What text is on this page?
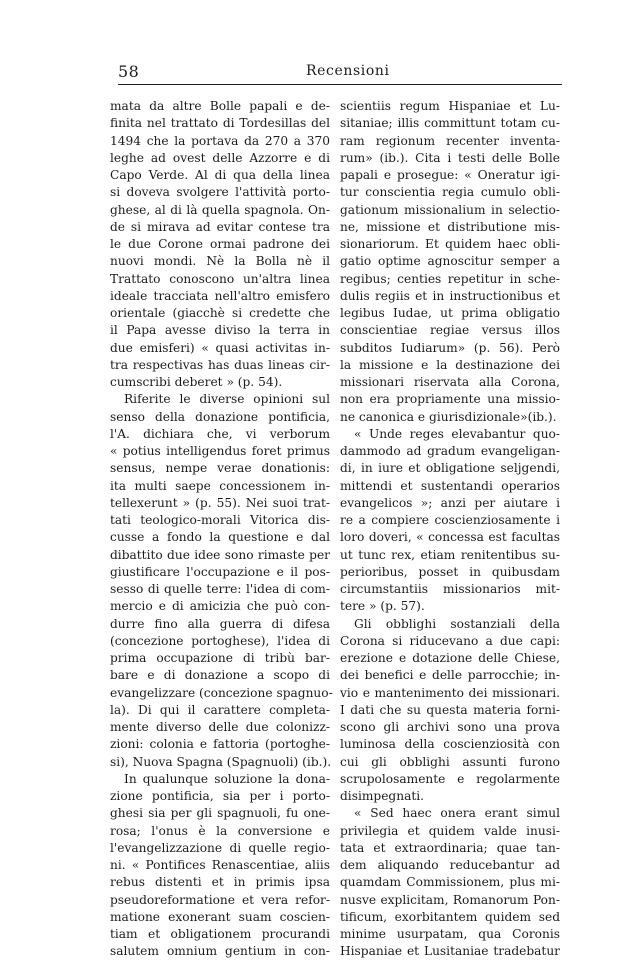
58	Recensioni
mata da altre Bolle papali e de-
finita nel trattato di Tordesillas del
1494 che la portava da 270 a 370
leghe ad ovest delle Azzorre e di
Capo Verde. Al di qua della linea
si doveva svolgere l'attività porto-
ghese, al di là quella spagnola. On-
de si mirava ad evitar contese tra
le due Corone ormai padrone dei
nuovi mondi. Nè la Bolla nè il
Trattato conoscono un'altra linea
ideale tracciata nell'altro emisfero
orientale (giacchè si credette che
il Papa avesse diviso la terra in
due emisferi) « quasi activitas in-
tra respectivas has duas lineas cir-
cumscribi deberet » (p. 54).
Riferite le diverse opinioni sul
senso della donazione pontificia,
l'A. dichiara che, vi verborum
« potius intelligendus foret primus
sensus, nempe verae donationis:
ita multi saepe concessionem in-
tellexerunt » (p. 55). Nei suoi trat-
tati teologico-morali Vitorica dis-
cusse a fondo la questione e dal
dibattito due idee sono rimaste per
giustificare l'occupazione e il pos-
sesso di quelle terre: l'idea di com-
mercio e di amicizia che può con-
durre fino alla guerra di difesa
(concezione portoghese), l'idea di
prima occupazione di tribù bar-
bare e di donazione a scopo di
evangelizzare (concezione spagnuo-
la). Di qui il carattere completa-
mente diverso delle due colonizz-
zioni: colonia e fattoria (portoghe-
si), Nuova Spagna (Spagnuoli) (ib.).
In qualunque soluzione la dona-
zione pontificia, sia per i porto-
ghesi sia per gli spagnuoli, fu one-
rosa; l'onus è la conversione e
l'evangelizzazione di quelle regio-
ni. « Pontifices Renascentiae, aliis
rebus distenti et in primis ipsa
pseudoreformatione et vera refor-
matione exonerant suam coscien-
tiam et obligationem procurandi
salutem omnium gentium in con-
scientiis regum Hispaniae et Lu-
sitaniae; illis committunt totam cu-
ram regionum recenter inventa-
rum» (ib.). Cita i testi delle Bolle
papali e prosegue: « Oneratur igi-
tur conscientia regia cumulo obli-
gationum missionalium in selectio-
ne, missione et distributione mis-
sionariorum. Et quidem haec obli-
gatio optime agnoscitur semper a
regibus; centies repetitur in sche-
dulis regiis et in instructionibus et
legibus Iudae, ut prima obligatio
conscientiae regiae versus illos
subditos Iudiarum» (p. 56). Però
la missione e la destinazione dei
missionari riservata alla Corona,
non era propriamente una missio-
ne canonica e giurisdizionale»(ib.).
« Unde reges elevabantur quo-
dammodo ad gradum evangeligan-
di, in iure et obligatione seljgendi,
mittendi et sustentandi operarios
evangelicos »; anzi per aiutare i
re a compiere coscienziosamente i
loro doveri, « concessa est facultas
ut tunc rex, etiam renitentibus su-
perioribus, posset in quibusdam
circumstantiis missionarios mit-
tere » (p. 57).
Gli obblighi sostanziali della
Corona si riducevano a due capi:
erezione e dotazione delle Chiese,
dei benefici e delle parrocchie; in-
vio e mantenimento dei missionari.
I dati che su questa materia forni-
scono gli archivi sono una prova
luminosa della coscienziosità con
cui gli obblighi assunti furono
scrupolosamente e regolarmente
disimpegnati.
« Sed haec onera erant simul
privilegia et quidem valde inusi-
tata et extraordinaria; quae tan-
dem aliquando reducebantur ad
quamdam Commissionem, plus mi-
nusve explicitam, Romanorum Pon-
tificum, exorbitantem quidem sed
minime usurpatam, qua Coronis
Hispaniae et Lusitaniae tradebatur
